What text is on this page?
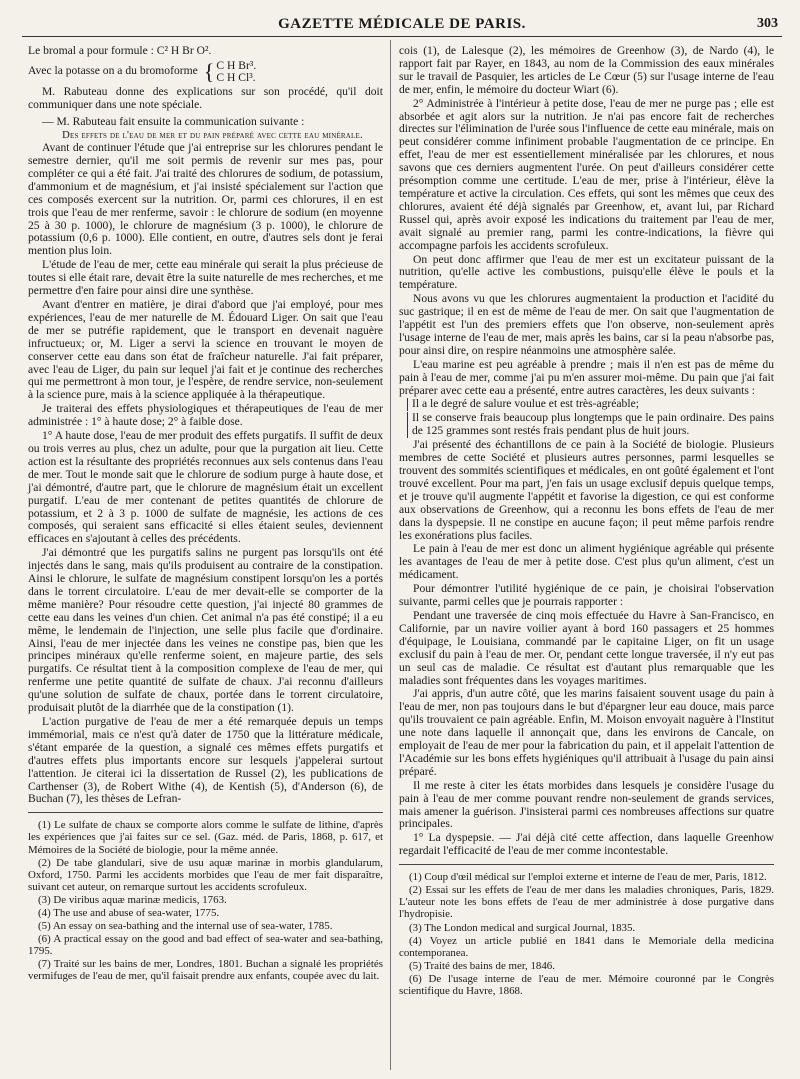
GAZETTE MÉDICALE DE PARIS.	303

Le bromal a pour formule : C² H Br O².

Avec la potasse on a du bromoforme { C H Br³.
C H Cl³.

M. Rabuteau donne des explications sur son procédé, qu'il doit communiquer dans une note spéciale.

— M. Rabuteau fait ensuite la communication suivante :

Des effets de l'eau de mer et du pain préparé avec cette eau minérale.

Avant de continuer l'étude que j'ai entreprise sur les chlorures pendant le semestre dernier, qu'il me soit permis de revenir sur mes pas, pour compléter ce qui a été fait. J'ai traité des chlorures de sodium, de potassium, d'ammonium et de magnésium, et j'ai insisté spécialement sur l'action que ces composés exercent sur la nutrition. Or, parmi ces chlorures, il en est trois que l'eau de mer renferme, savoir : le chlorure de sodium (en moyenne 25 à 30 p. 1000), le chlorure de magnésium (3 p. 1000), le chlorure de potassium (0,6 p. 1000). Elle contient, en outre, d'autres sels dont je ferai mention plus loin.

L'étude de l'eau de mer, cette eau minérale qui serait la plus précieuse de toutes si elle était rare, devait être la suite naturelle de mes recherches, et me permettre d'en faire pour ainsi dire une synthèse.

Avant d'entrer en matière, je dirai d'abord que j'ai employé, pour mes expériences, l'eau de mer naturelle de M. Édouard Liger. On sait que l'eau de mer se putréfie rapidement, que le transport en devenait naguère infructueux; or, M. Liger a servi la science en trouvant le moyen de conserver cette eau dans son état de fraîcheur naturelle. J'ai fait préparer, avec l'eau de Liger, du pain sur lequel j'ai fait et je continue des recherches qui me permettront à mon tour, je l'espère, de rendre service, non-seulement à la science pure, mais à la science appliquée à la thérapeutique.

Je traiterai des effets physiologiques et thérapeutiques de l'eau de mer administrée : 1° à haute dose; 2° à faible dose.

1° A haute dose, l'eau de mer produit des effets purgatifs. Il suffit de deux ou trois verres au plus, chez un adulte, pour que la purgation ait lieu. Cette action est la résultante des propriétés reconnues aux sels contenus dans l'eau de mer. Tout le monde sait que le chlorure de sodium purge à haute dose, et j'ai démontré, d'autre part, que le chlorure de magnésium était un excellent purgatif. L'eau de mer contenant de petites quantités de chlorure de potassium, et 2 à 3 p. 1000 de sulfate de magnésie, les actions de ces composés, qui seraient sans efficacité si elles étaient seules, deviennent efficaces en s'ajoutant à celles des précédents.

J'ai démontré que les purgatifs salins ne purgent pas lorsqu'ils ont été injectés dans le sang, mais qu'ils produisent au contraire de la constipation. Ainsi le chlorure, le sulfate de magnésium constipent lorsqu'on les a portés dans le torrent circulatoire. L'eau de mer devait-elle se comporter de la même manière? Pour résoudre cette question, j'ai injecté 80 grammes de cette eau dans les veines d'un chien. Cet animal n'a pas été constipé; il a eu même, le lendemain de l'injection, une selle plus facile que d'ordinaire. Ainsi, l'eau de mer injectée dans les veines ne constipe pas, bien que les principes minéraux qu'elle renferme soient, en majeure partie, des sels purgatifs. Ce résultat tient à la composition complexe de l'eau de mer, qui renferme une petite quantité de sulfate de chaux. J'ai reconnu d'ailleurs qu'une solution de sulfate de chaux, portée dans le torrent circulatoire, produisait plutôt de la diarrhée que de la constipation (1).

L'action purgative de l'eau de mer a été remarquée depuis un temps immémorial, mais ce n'est qu'à dater de 1750 que la littérature médicale, s'étant emparée de la question, a signalé ces mêmes effets purgatifs et d'autres effets plus importants encore sur lesquels j'appelerai surtout l'attention. Je citerai ici la dissertation de Russel (2), les publications de Carthenser (3), de Robert Withe (4), de Kentish (5), d'Anderson (6), de Buchan (7), les thèses de Lefran-

(1) Le sulfate de chaux se comporte alors comme le sulfate de lithine, d'après les expériences que j'ai faites sur ce sel. (Gaz. méd. de Paris, 1868, p. 617, et Mémoires de la Société de biologie, pour la même année.

(2) De tabe glandulari, sive de usu aquæ marinæ in morbis glandularum, Oxford, 1750. Parmi les accidents morbides que l'eau de mer fait disparaître, suivant cet auteur, on remarque surtout les accidents scrofuleux.

(3) De viribus aquæ marinæ medicis, 1763.

(4) The use and abuse of sea-water, 1775.

(5) An essay on sea-bathing and the internal use of sea-water, 1785.

(6) A practical essay on the good and bad effect of sea-water and sea-bathing, 1795.

(7) Traité sur les bains de mer, Londres, 1801. Buchan a signalé les propriétés vermifuges de l'eau de mer, qu'il faisait prendre aux enfants, coupée avec du lait.

cois (1), de Lalesque (2), les mémoires de Greenhow (3), de Nardo (4), le rapport fait par Rayer, en 1843, au nom de la Commission des eaux minérales sur le travail de Pasquier, les articles de Le Cœur (5) sur l'usage interne de l'eau de mer, enfin, le mémoire du docteur Wiart (6).

2° Administrée à l'intérieur à petite dose, l'eau de mer ne purge pas ; elle est absorbée et agit alors sur la nutrition. Je n'ai pas encore fait de recherches directes sur l'élimination de l'urée sous l'influence de cette eau minérale, mais on peut considérer comme infiniment probable l'augmentation de ce principe. En effet, l'eau de mer est essentiellement minéralisée par les chlorures, et nous savons que ces derniers augmentent l'urée. On peut d'ailleurs considérer cette présomption comme une certitude. L'eau de mer, prise à l'intérieur, élève la température et active la circulation. Ces effets, qui sont les mêmes que ceux des chlorures, avaient été déjà signalés par Greenhow, et, avant lui, par Richard Russel qui, après avoir exposé les indications du traitement par l'eau de mer, avait signalé au premier rang, parmi les contre-indications, la fièvre qui accompagne parfois les accidents scrofuleux.

On peut donc affirmer que l'eau de mer est un excitateur puissant de la nutrition, qu'elle active les combustions, puisqu'elle élève le pouls et la température.

Nous avons vu que les chlorures augmentaient la production et l'acidité du suc gastrique; il en est de même de l'eau de mer. On sait que l'augmentation de l'appétit est l'un des premiers effets que l'on observe, non-seulement après l'usage interne de l'eau de mer, mais après les bains, car si la peau n'absorbe pas, pour ainsi dire, on respire néanmoins une atmosphère salée.

L'eau marine est peu agréable à prendre ; mais il n'en est pas de même du pain à l'eau de mer, comme j'ai pu m'en assurer moi-même. Du pain que j'ai fait préparer avec cette eau a présenté, entre autres caractères, les deux suivants :

Il a le degré de salure voulue et est très-agréable;

Il se conserve frais beaucoup plus longtemps que le pain ordinaire. Des pains de 125 grammes sont restés frais pendant plus de huit jours.

J'ai présenté des échantillons de ce pain à la Société de biologie. Plusieurs membres de cette Société et plusieurs autres personnes, parmi lesquelles se trouvent des sommités scientifiques et médicales, en ont goûté également et l'ont trouvé excellent. Pour ma part, j'en fais un usage exclusif depuis quelque temps, et je trouve qu'il augmente l'appétit et favorise la digestion, ce qui est conforme aux observations de Greenhow, qui a reconnu les bons effets de l'eau de mer dans la dyspepsie. Il ne constipe en aucune façon; il peut même parfois rendre les exonérations plus faciles.

Le pain à l'eau de mer est donc un aliment hygiénique agréable qui présente les avantages de l'eau de mer à petite dose. C'est plus qu'un aliment, c'est un médicament.

Pour démontrer l'utilité hygiénique de ce pain, je choisirai l'observation suivante, parmi celles que je pourrais rapporter :

Pendant une traversée de cinq mois effectuée du Havre à San-Francisco, en Californie, par un navire voilier ayant à bord 160 passagers et 25 hommes d'équipage, le Louisiana, commandé par le capitaine Liger, on fit un usage exclusif du pain à l'eau de mer. Or, pendant cette longue traversée, il n'y eut pas un seul cas de maladie. Ce résultat est d'autant plus remarquable que les maladies sont fréquentes dans les voyages maritimes.

J'ai appris, d'un autre côté, que les marins faisaient souvent usage du pain à l'eau de mer, non pas toujours dans le but d'épargner leur eau douce, mais parce qu'ils trouvaient ce pain agréable. Enfin, M. Moison envoyait naguère à l'Institut une note dans laquelle il annonçait que, dans les environs de Cancale, on employait de l'eau de mer pour la fabrication du pain, et il appelait l'attention de l'Académie sur les bons effets hygiéniques qu'il attribuait à l'usage du pain ainsi préparé.

Il me reste à citer les états morbides dans lesquels je considère l'usage du pain à l'eau de mer comme pouvant rendre non-seulement de grands services, mais amener la guérison. J'insisterai parmi ces nombreuses affections sur quatre principales.

1° La dyspepsie. — J'ai déjà cité cette affection, dans laquelle Greenhow regardait l'efficacité de l'eau de mer comme incontestable.

(1) Coup d'œil médical sur l'emploi externe et interne de l'eau de mer, Paris, 1812.

(2) Essai sur les effets de l'eau de mer dans les maladies chroniques, Paris, 1829. L'auteur note les bons effets de l'eau de mer administrée à dose purgative dans l'hydropisie.

(3) The London medical and surgical Journal, 1835.

(4) Voyez un article publié en 1841 dans le Memoriale della medicina contemporanea.

(5) Traité des bains de mer, 1846.

(6) De l'usage interne de l'eau de mer. Mémoire couronné par le Congrès scientifique du Havre, 1868.
